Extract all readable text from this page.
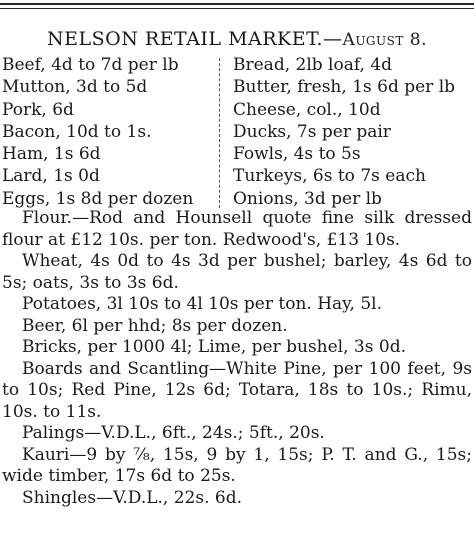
NELSON RETAIL MARKET.—August 8.
Beef, 4d to 7d per lb
Mutton, 3d to 5d
Pork, 6d
Bacon, 10d to 1s.
Ham, 1s 6d
Lard, 1s 0d
Eggs, 1s 8d per dozen
Bread, 2lb loaf, 4d
Butter, fresh, 1s 6d per lb
Cheese, col., 10d
Ducks, 7s per pair
Fowls, 4s to 5s
Turkeys, 6s to 7s each
Onions, 3d per lb

Flour.—Rod and Hounsell quote fine silk dressed flour at £12 10s. per ton. Redwood's, £13 10s.

Wheat, 4s 0d to 4s 3d per bushel; barley, 4s 6d to 5s; oats, 3s to 3s 6d.

Potatoes, 3l 10s to 4l 10s per ton. Hay, 5l.

Beer, 6l per hhd; 8s per dozen.

Bricks, per 1000 4l; Lime, per bushel, 3s 0d.

Boards and Scantling—White Pine, per 100 feet, 9s to 10s; Red Pine, 12s 6d; Totara, 18s to 10s.; Rimu, 10s. to 11s.

Palings—V.D.L., 6ft., 24s.; 5ft., 20s.

Kauri—9 by ⅞, 15s, 9 by 1, 15s; P. T. and G., 15s; wide timber, 17s 6d to 25s.

Shingles—V.D.L., 22s. 6d.
